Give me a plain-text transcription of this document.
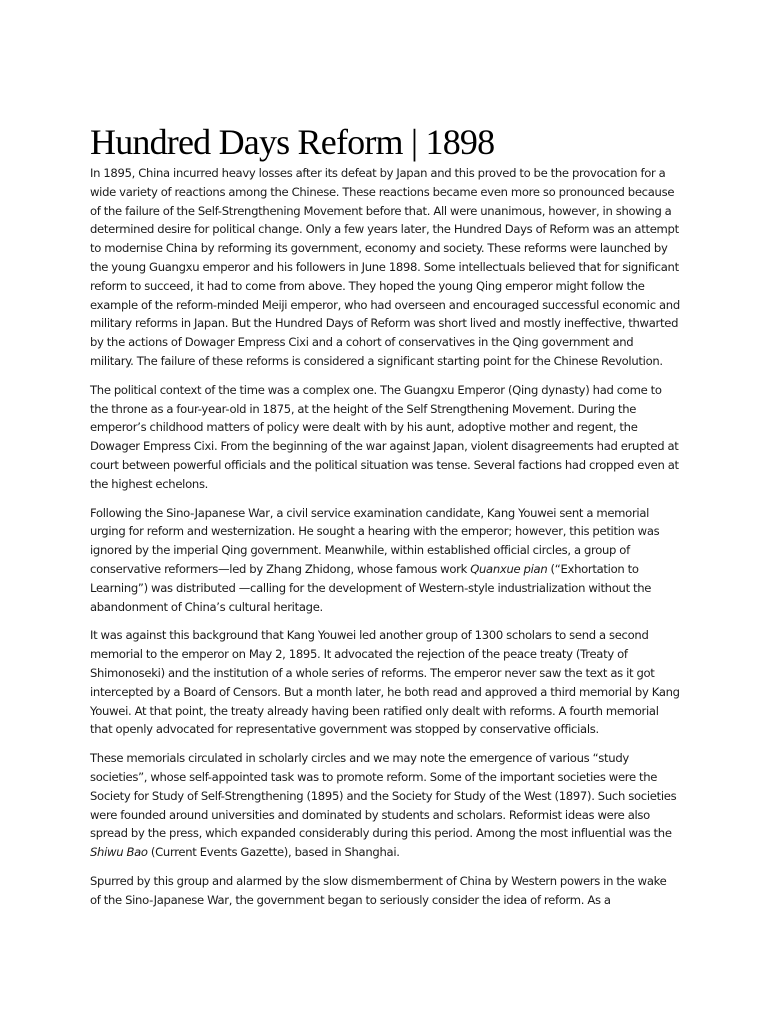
Hundred Days Reform | 1898

In 1895, China incurred heavy losses after its defeat by Japan and this proved to be the provocation for a wide variety of reactions among the Chinese. These reactions became even more so pronounced because of the failure of the Self-Strengthening Movement before that. All were unanimous, however, in showing a determined desire for political change. Only a few years later, the Hundred Days of Reform was an attempt to modernise China by reforming its government, economy and society. These reforms were launched by the young Guangxu emperor and his followers in June 1898. Some intellectuals believed that for significant reform to succeed, it had to come from above. They hoped the young Qing emperor might follow the example of the reform-minded Meiji emperor, who had overseen and encouraged successful economic and military reforms in Japan. But the Hundred Days of Reform was short lived and mostly ineffective, thwarted by the actions of Dowager Empress Cixi and a cohort of conservatives in the Qing government and military. The failure of these reforms is considered a significant starting point for the Chinese Revolution.

The political context of the time was a complex one. The Guangxu Emperor (Qing dynasty) had come to the throne as a four-year-old in 1875, at the height of the Self Strengthening Movement. During the emperor’s childhood matters of policy were dealt with by his aunt, adoptive mother and regent, the Dowager Empress Cixi. From the beginning of the war against Japan, violent disagreements had erupted at court between powerful officials and the political situation was tense. Several factions had cropped even at the highest echelons.

Following the Sino-Japanese War, a civil service examination candidate, Kang Youwei sent a memorial urging for reform and westernization. He sought a hearing with the emperor; however, this petition was ignored by the imperial Qing government. Meanwhile, within established official circles, a group of conservative reformers—led by Zhang Zhidong, whose famous work Quanxue pian (“Exhortation to Learning”) was distributed —calling for the development of Western-style industrialization without the abandonment of China’s cultural heritage.

It was against this background that Kang Youwei led another group of 1300 scholars to send a second memorial to the emperor on May 2, 1895. It advocated the rejection of the peace treaty (Treaty of Shimonoseki) and the institution of a whole series of reforms. The emperor never saw the text as it got intercepted by a Board of Censors. But a month later, he both read and approved a third memorial by Kang Youwei. At that point, the treaty already having been ratified only dealt with reforms. A fourth memorial that openly advocated for representative government was stopped by conservative officials.

These memorials circulated in scholarly circles and we may note the emergence of various “study societies”, whose self-appointed task was to promote reform. Some of the important societies were the Society for Study of Self-Strengthening (1895) and the Society for Study of the West (1897). Such societies were founded around universities and dominated by students and scholars. Reformist ideas were also spread by the press, which expanded considerably during this period. Among the most influential was the Shiwu Bao (Current Events Gazette), based in Shanghai.

Spurred by this group and alarmed by the slow dismemberment of China by Western powers in the wake of the Sino-Japanese War, the government began to seriously consider the idea of reform. As a
